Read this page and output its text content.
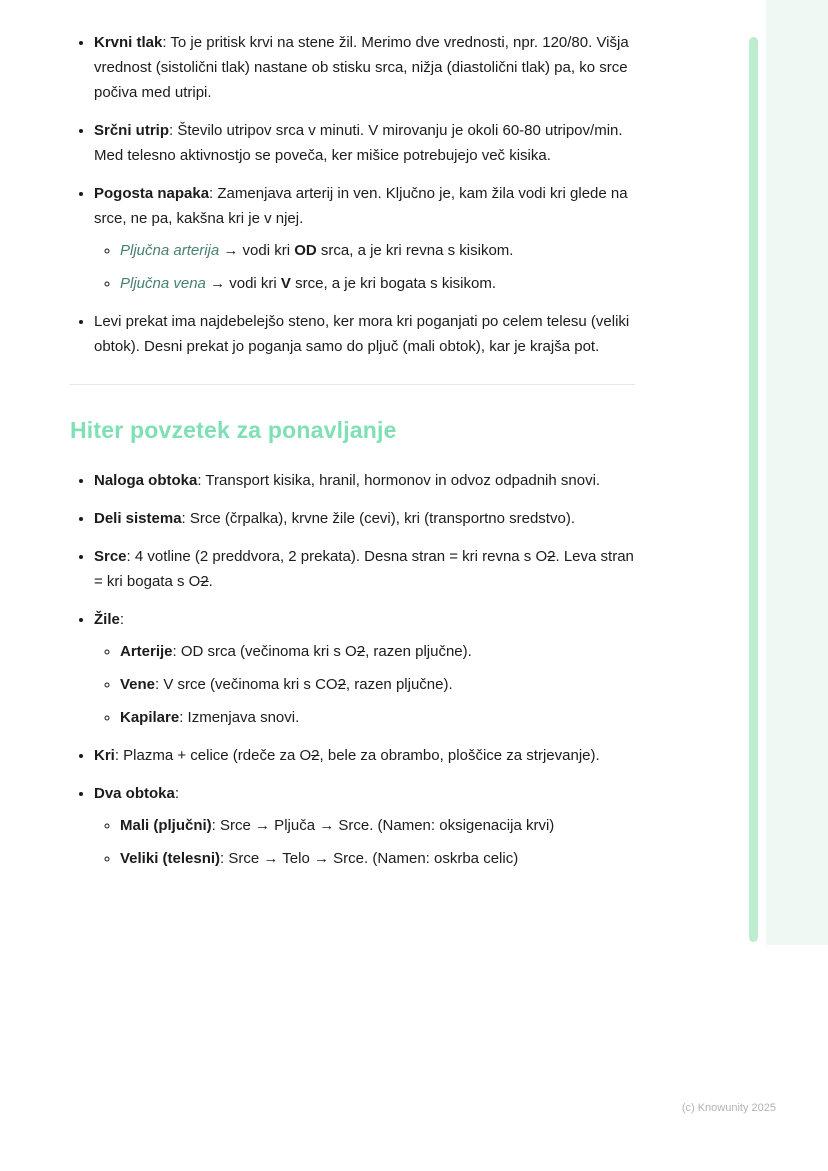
• Krvni tlak: To je pritisk krvi na stene žil. Merimo dve vrednosti, npr. 120/80. Višja vrednost (sistolični tlak) nastane ob stisku srca, nižja (diastolični tlak) pa, ko srce počiva med utripi.
• Srčni utrip: Število utripov srca v minuti. V mirovanju je okoli 60-80 utripov/min. Med telesno aktivnostjo se poveča, ker mišice potrebujejo več kisika.
• Pogosta napaka: Zamenjava arterij in ven. Ključno je, kam žila vodi kri glede na srce, ne pa, kakšna kri je v njej.
◦ Pljučna arterija → vodi kri OD srca, a je kri revna s kisikom.
◦ Pljučna vena → vodi kri V srce, a je kri bogata s kisikom.
• Levi prekat ima najdebelejšo steno, ker mora kri poganjati po celem telesu (veliki obtok). Desni prekat jo poganja samo do pljuč (mali obtok), kar je krajša pot.
Hiter povzetek za ponavljanje
• Naloga obtoka: Transport kisika, hranil, hormonov in odvoz odpadnih snovi.
• Deli sistema: Srce (črpalka), krvne žile (cevi), kri (transportno sredstvo).
• Srce: 4 votline (2 preddvora, 2 prekata). Desna stran = kri revna s O2. Leva stran = kri bogata s O2.
• Žile:
◦ Arterije: OD srca (večinoma kri s O2, razen pljučne).
◦ Vene: V srce (večinoma kri s CO2, razen pljučne).
◦ Kapilare: Izmenjava snovi.
• Kri: Plazma + celice (rdeče za O2, bele za obrambo, ploščice za strjevanje).
• Dva obtoka:
◦ Mali (pljučni): Srce → Pljuča → Srce. (Namen: oksigenacija krvi)
◦ Veliki (telesni): Srce → Telo → Srce. (Namen: oskrba celic)
(c) Knowunity 2025
